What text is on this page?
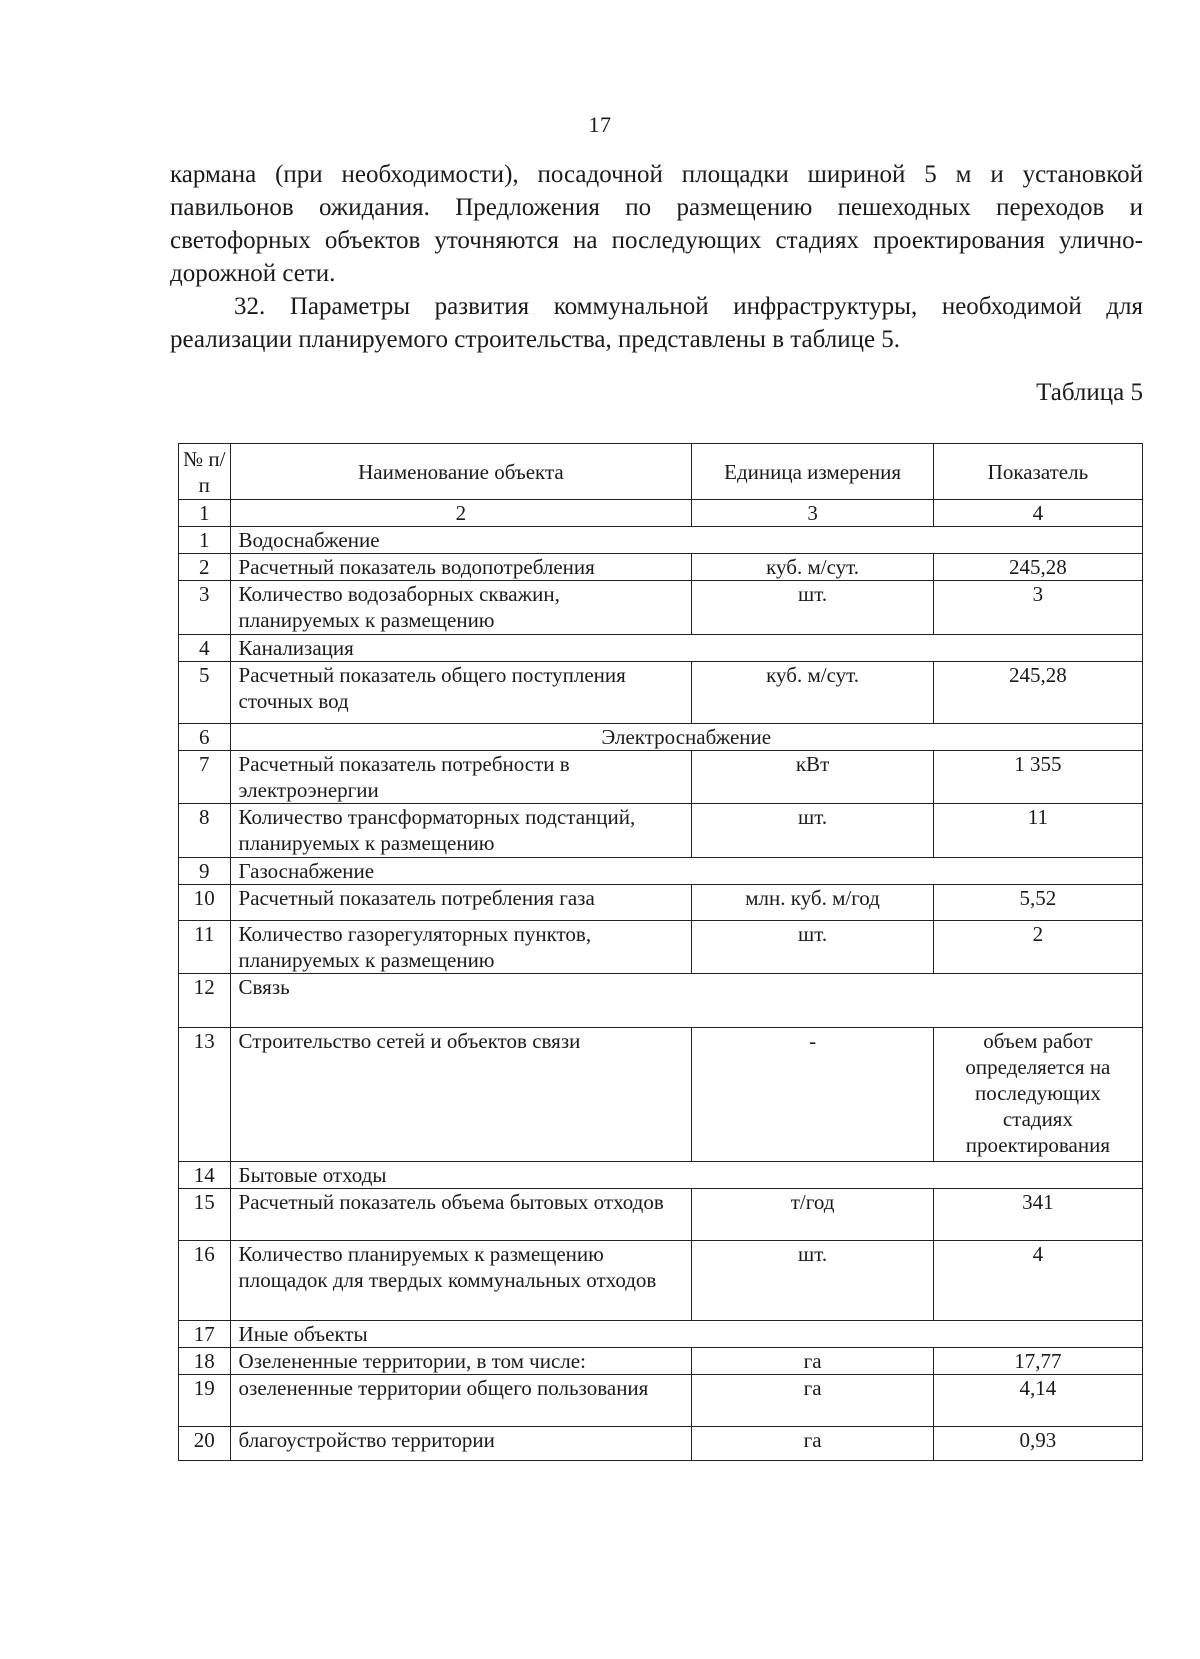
17

кармана (при необходимости), посадочной площадки шириной 5 м и установкой павильонов ожидания. Предложения по размещению пешеходных переходов и светофорных объектов уточняются на последующих стадиях проектирования улично-дорожной сети.

32. Параметры развития коммунальной инфраструктуры, необходимой для реализации планируемого строительства, представлены в таблице 5.

Таблица 5
№ п/п	Наименование объекта	Единица измерения	Показатель
1	2	3	4
1	Водоснабжение		
2	Расчетный показатель водопотребления	куб. м/сут.	245,28
3	Количество водозаборных скважин, планируемых к размещению	шт.	3
4	Канализация		
5	Расчетный показатель общего поступления сточных вод	куб. м/сут.	245,28
6	Электроснабжение		
7	Расчетный показатель потребности в электроэнергии	кВт	1 355
8	Количество трансформаторных подстанций, планируемых к размещению	шт.	11
9	Газоснабжение		
10	Расчетный показатель потребления газа	млн. куб. м/год	5,52
11	Количество газорегуляторных пунктов, планируемых к размещению	шт.	2
12	Связь		
13	Строительство сетей и объектов связи	-	объем работ определяется на последующих стадиях проектирования
14	Бытовые отходы		
15	Расчетный показатель объема бытовых отходов	т/год	341
16	Количество планируемых к размещению площадок для твердых коммунальных отходов	шт.	4
17	Иные объекты		
18	Озелененные территории, в том числе:	га	17,77
19	озелененные территории общего пользования	га	4,14
20	благоустройство территории	га	0,93
